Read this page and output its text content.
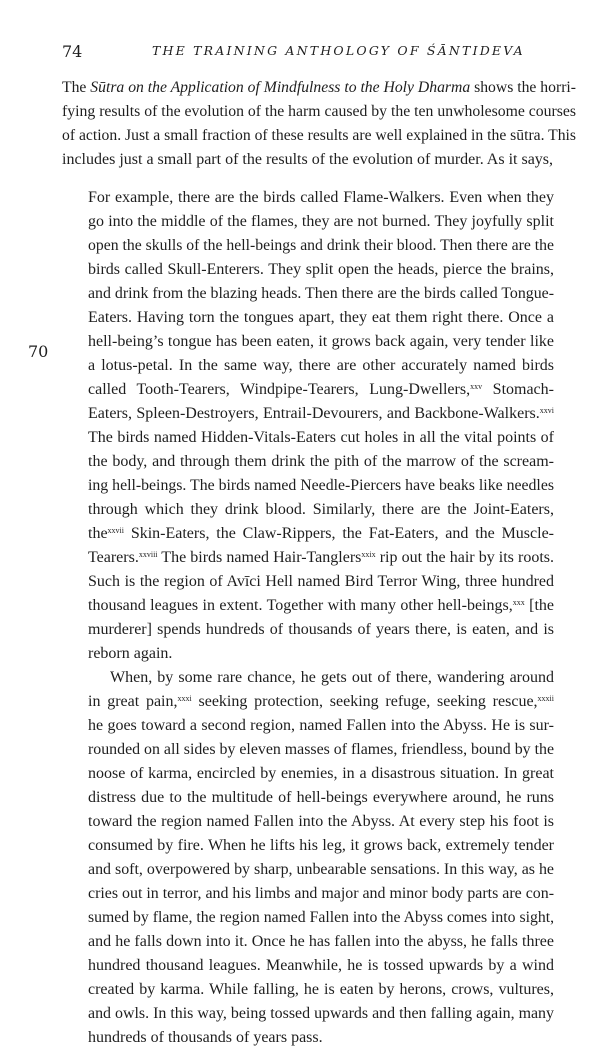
74	THE TRAINING ANTHOLOGY OF ŚĀNTIDEVA
70
The Sūtra on the Application of Mindfulness to the Holy Dharma shows the horri-
fying results of the evolution of the harm caused by the ten unwholesome courses
of action. Just a small fraction of these results are well explained in the sūtra. This
includes just a small part of the results of the evolution of murder. As it says,
For example, there are the birds called Flame-Walkers. Even when they
go into the middle of the flames, they are not burned. They joyfully split
open the skulls of the hell-beings and drink their blood. Then there are the
birds called Skull-Enterers. They split open the heads, pierce the brains,
and drink from the blazing heads. Then there are the birds called Tongue-
Eaters. Having torn the tongues apart, they eat them right there. Once a
hell-being’s tongue has been eaten, it grows back again, very tender like
a lotus-petal. In the same way, there are other accurately named birds
called Tooth-Tearers, Windpipe-Tearers, Lung-Dwellers,$^{xxv}$ Stomach-
Eaters, Spleen-Destroyers, Entrail-Devourers, and Backbone-Walkers.$^{xxvi}$
The birds named Hidden-Vitals-Eaters cut holes in all the vital points of
the body, and through them drink the pith of the marrow of the scream-
ing hell-beings. The birds named Needle-Piercers have beaks like needles
through which they drink blood. Similarly, there are the Joint-Eaters,
the$^{xxvii}$ Skin-Eaters, the Claw-Rippers, the Fat-Eaters, and the Muscle-
Tearers.$^{xxviii}$ The birds named Hair-Tanglers$^{xxix}$ rip out the hair by its roots.
Such is the region of Avīci Hell named Bird Terror Wing, three hundred
thousand leagues in extent. Together with many other hell-beings,$^{xxx}$ [the
murderer] spends hundreds of thousands of years there, is eaten, and is
reborn again.
When, by some rare chance, he gets out of there, wandering around
in great pain,$^{xxxi}$ seeking protection, seeking refuge, seeking rescue,$^{xxxii}$
he goes toward a second region, named Fallen into the Abyss. He is sur-
rounded on all sides by eleven masses of flames, friendless, bound by the
noose of karma, encircled by enemies, in a disastrous situation. In great
distress due to the multitude of hell-beings everywhere around, he runs
toward the region named Fallen into the Abyss. At every step his foot is
consumed by fire. When he lifts his leg, it grows back, extremely tender
and soft, overpowered by sharp, unbearable sensations. In this way, as he
cries out in terror, and his limbs and major and minor body parts are con-
sumed by flame, the region named Fallen into the Abyss comes into sight,
and he falls down into it. Once he has fallen into the abyss, he falls three
hundred thousand leagues. Meanwhile, he is tossed upwards by a wind
created by karma. While falling, he is eaten by herons, crows, vultures,
and owls. In this way, being tossed upwards and then falling again, many
hundreds of thousands of years pass.
